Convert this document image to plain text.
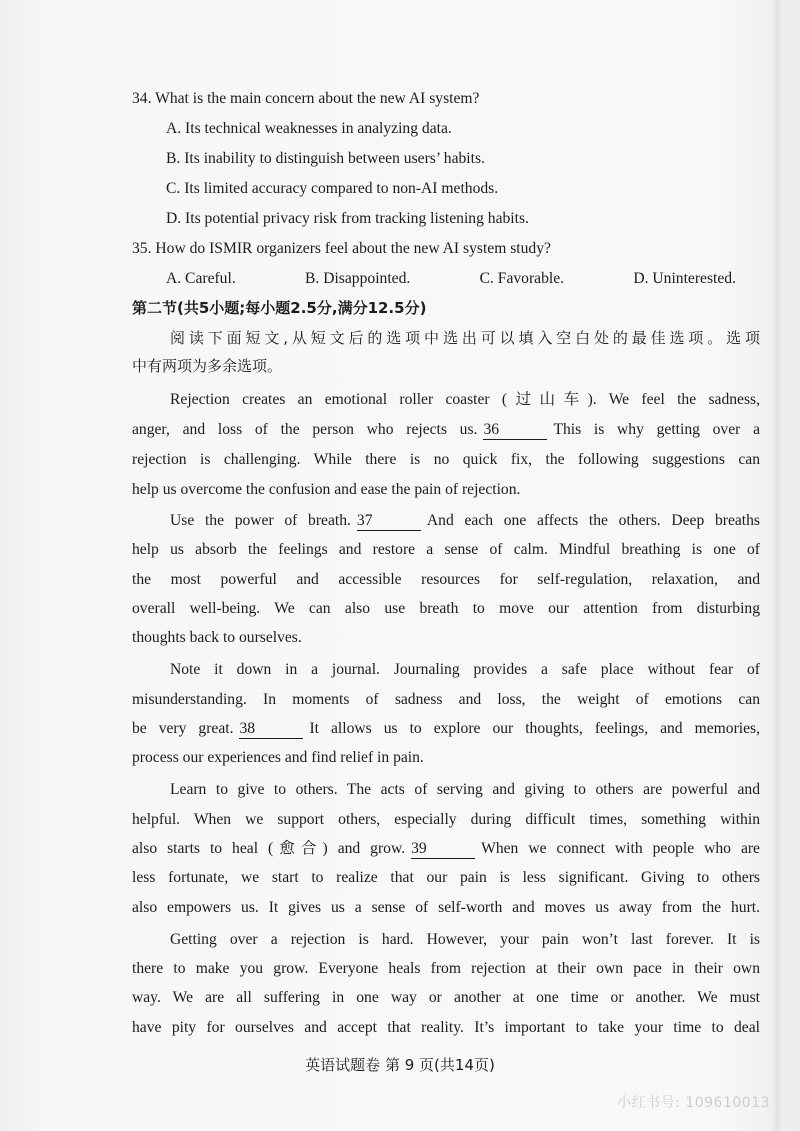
34. What is the main concern about the new AI system?
A. Its technical weaknesses in analyzing data.
B. Its inability to distinguish between users’ habits.
C. Its limited accuracy compared to non-AI methods.
D. Its potential privacy risk from tracking listening habits.
35. How do ISMIR organizers feel about the new AI system study?
A. Careful.	B. Disappointed.	C. Favorable.	D. Uninterested.
第二节(共5小题;每小题2.5分,满分12.5分)
阅读下面短文,从短文后的选项中选出可以填入空白处的最佳选项。选项
中有两项为多余选项。
Rejection creates an emotional roller coaster (过山车). We feel the sadness,
anger, and loss of the person who rejects us. 36	This is why getting over a
rejection is challenging. While there is no quick fix, the following suggestions can
help us overcome the confusion and ease the pain of rejection.
Use the power of breath. 37	And each one affects the others. Deep breaths
help us absorb the feelings and restore a sense of calm. Mindful breathing is one of
the most powerful and accessible resources for self-regulation, relaxation, and
overall well-being. We can also use breath to move our attention from disturbing
thoughts back to ourselves.
Note it down in a journal. Journaling provides a safe place without fear of
misunderstanding. In moments of sadness and loss, the weight of emotions can
be very great. 38	It allows us to explore our thoughts, feelings, and memories,
process our experiences and find relief in pain.
Learn to give to others. The acts of serving and giving to others are powerful and
helpful. When we support others, especially during difficult times, something within
also starts to heal (愈合) and grow. 39	When we connect with people who are
less fortunate, we start to realize that our pain is less significant. Giving to others
also empowers us. It gives us a sense of self-worth and moves us away from the hurt.
Getting over a rejection is hard. However, your pain won’t last forever. It is
there to make you grow. Everyone heals from rejection at their own pace in their own
way. We are all suffering in one way or another at one time or another. We must
have pity for ourselves and accept that reality. It’s important to take your time to deal
英语试题卷 第 9 页(共14页)
小红书号: 109610013
